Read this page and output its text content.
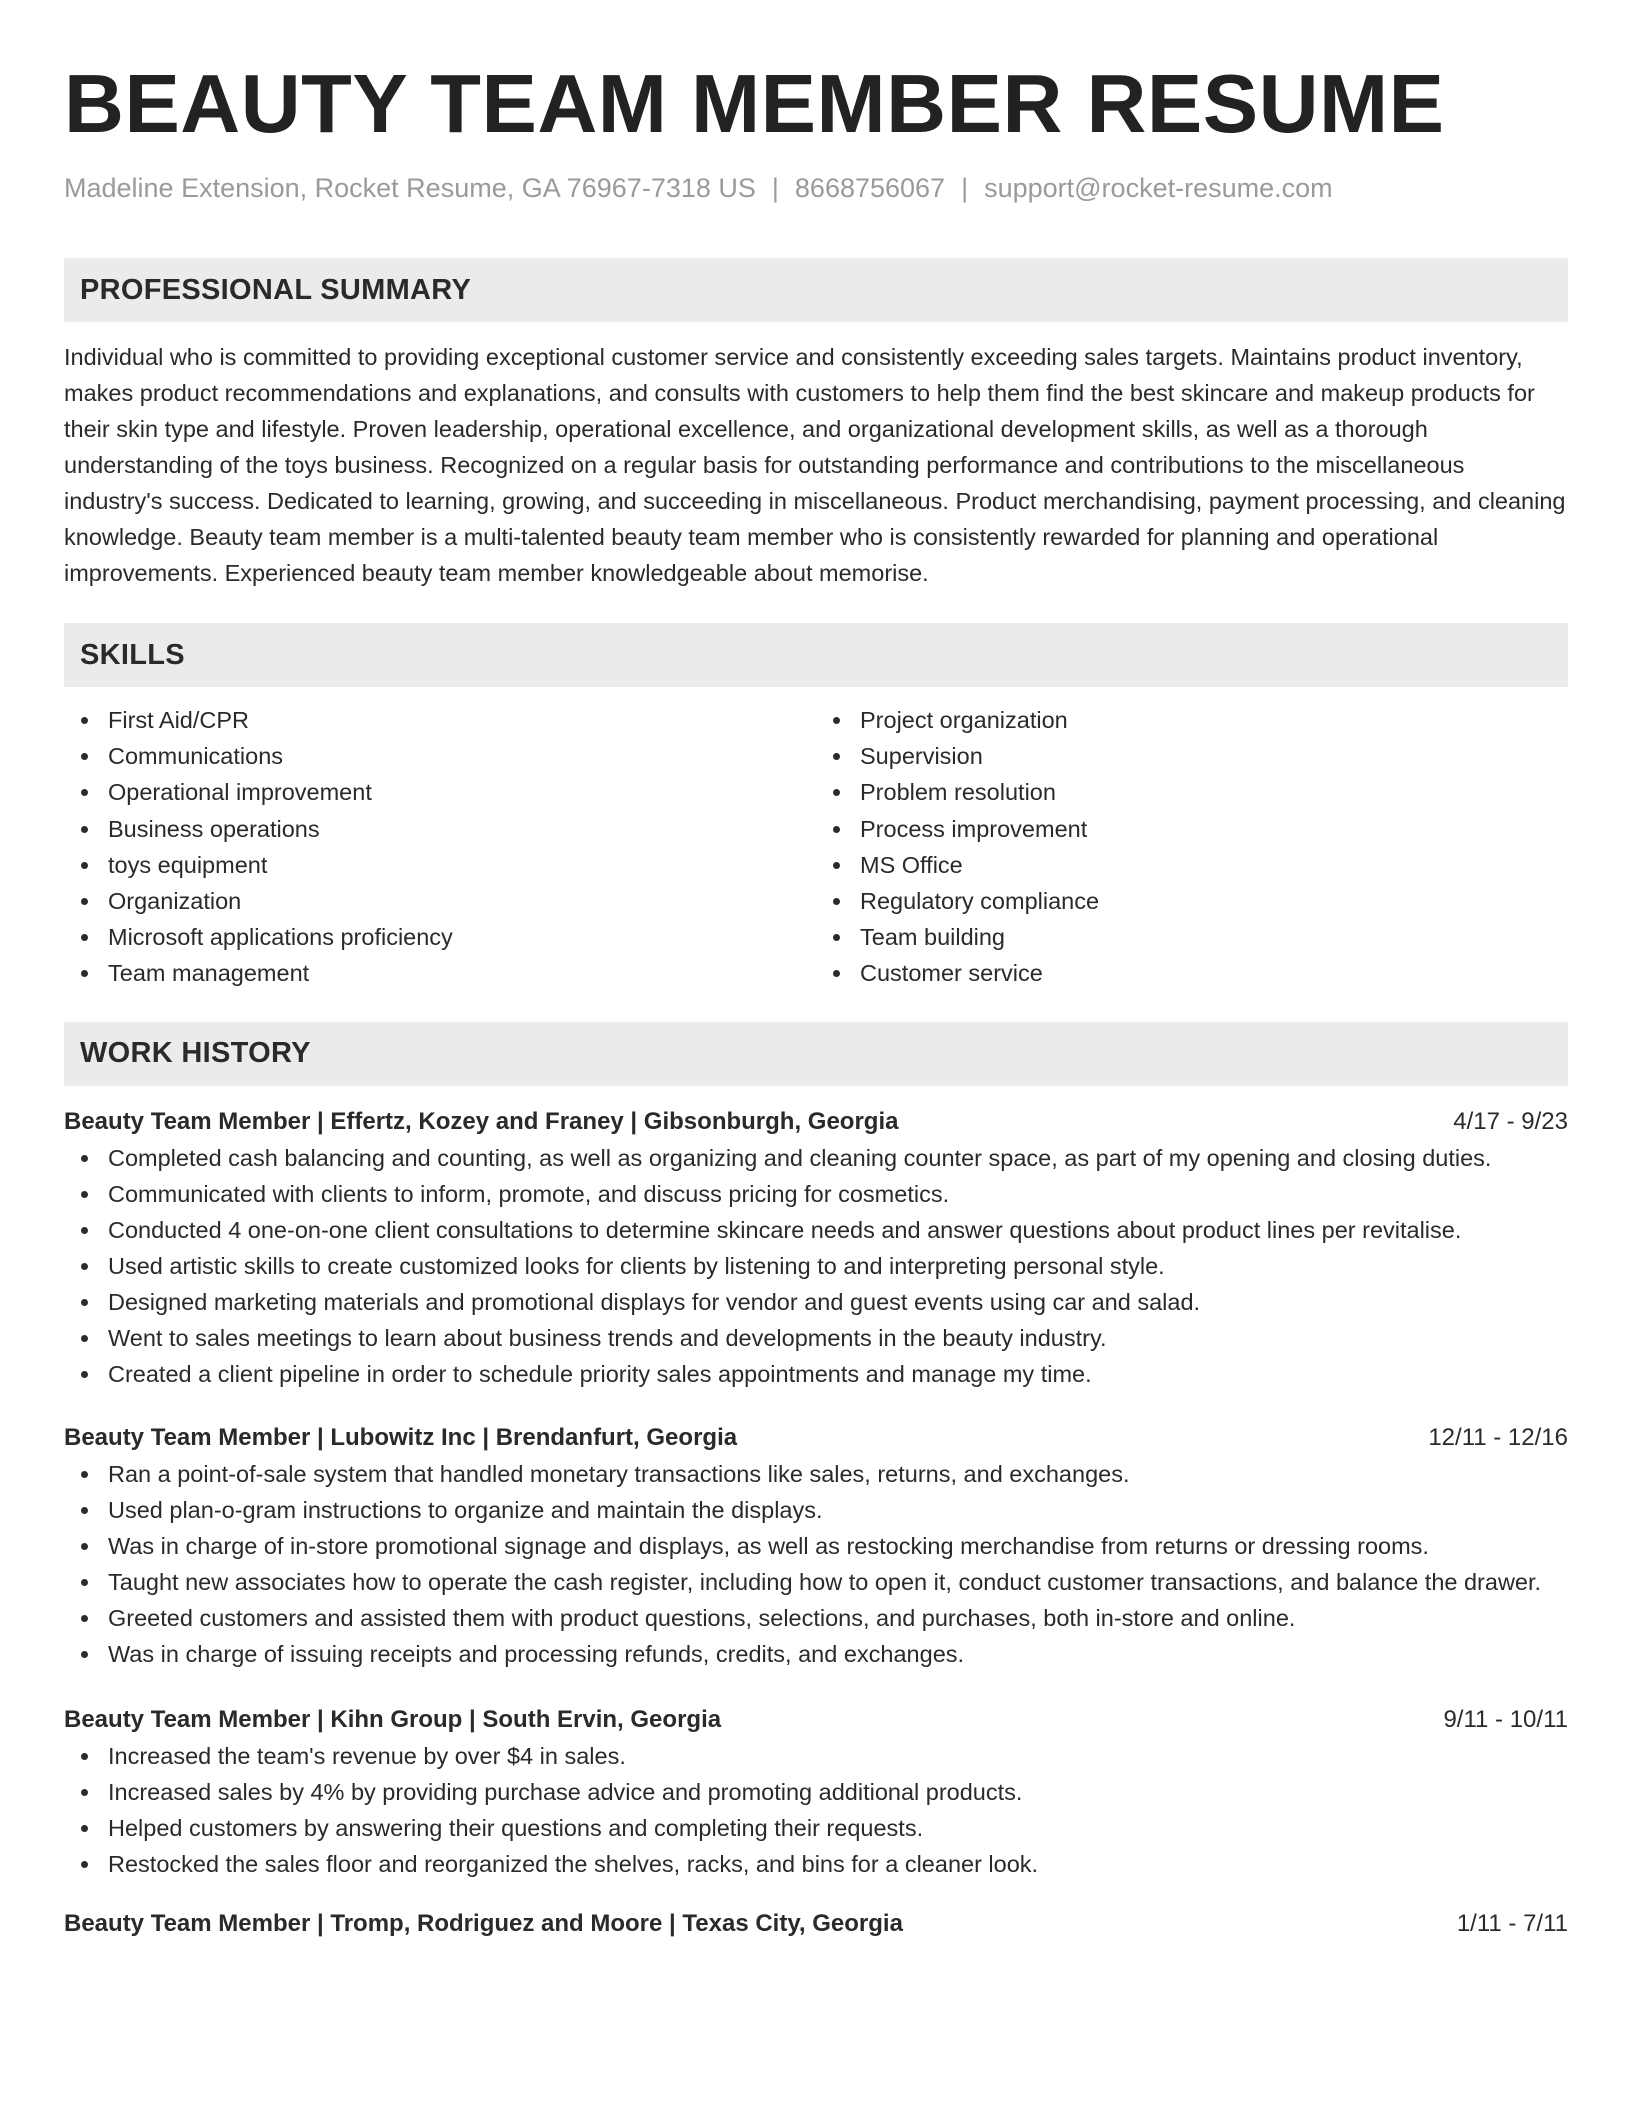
BEAUTY TEAM MEMBER RESUME
Madeline Extension, Rocket Resume, GA 76967-7318 US | 8668756067 | support@rocket-resume.com
PROFESSIONAL SUMMARY
Individual who is committed to providing exceptional customer service and consistently exceeding sales targets. Maintains product inventory, makes product recommendations and explanations, and consults with customers to help them find the best skincare and makeup products for their skin type and lifestyle. Proven leadership, operational excellence, and organizational development skills, as well as a thorough understanding of the toys business. Recognized on a regular basis for outstanding performance and contributions to the miscellaneous industry's success. Dedicated to learning, growing, and succeeding in miscellaneous. Product merchandising, payment processing, and cleaning knowledge. Beauty team member is a multi-talented beauty team member who is consistently rewarded for planning and operational improvements. Experienced beauty team member knowledgeable about memorise.
SKILLS
First Aid/CPR
Communications
Operational improvement
Business operations
toys equipment
Organization
Microsoft applications proficiency
Team management
Project organization
Supervision
Problem resolution
Process improvement
MS Office
Regulatory compliance
Team building
Customer service
WORK HISTORY
Beauty Team Member | Effertz, Kozey and Franey | Gibsonburgh, Georgia	4/17 - 9/23
Completed cash balancing and counting, as well as organizing and cleaning counter space, as part of my opening and closing duties.
Communicated with clients to inform, promote, and discuss pricing for cosmetics.
Conducted 4 one-on-one client consultations to determine skincare needs and answer questions about product lines per revitalise.
Used artistic skills to create customized looks for clients by listening to and interpreting personal style.
Designed marketing materials and promotional displays for vendor and guest events using car and salad.
Went to sales meetings to learn about business trends and developments in the beauty industry.
Created a client pipeline in order to schedule priority sales appointments and manage my time.
Beauty Team Member | Lubowitz Inc | Brendanfurt, Georgia	12/11 - 12/16
Ran a point-of-sale system that handled monetary transactions like sales, returns, and exchanges.
Used plan-o-gram instructions to organize and maintain the displays.
Was in charge of in-store promotional signage and displays, as well as restocking merchandise from returns or dressing rooms.
Taught new associates how to operate the cash register, including how to open it, conduct customer transactions, and balance the drawer.
Greeted customers and assisted them with product questions, selections, and purchases, both in-store and online.
Was in charge of issuing receipts and processing refunds, credits, and exchanges.
Beauty Team Member | Kihn Group | South Ervin, Georgia	9/11 - 10/11
Increased the team's revenue by over $4 in sales.
Increased sales by 4% by providing purchase advice and promoting additional products.
Helped customers by answering their questions and completing their requests.
Restocked the sales floor and reorganized the shelves, racks, and bins for a cleaner look.
Beauty Team Member | Tromp, Rodriguez and Moore | Texas City, Georgia	1/11 - 7/11
